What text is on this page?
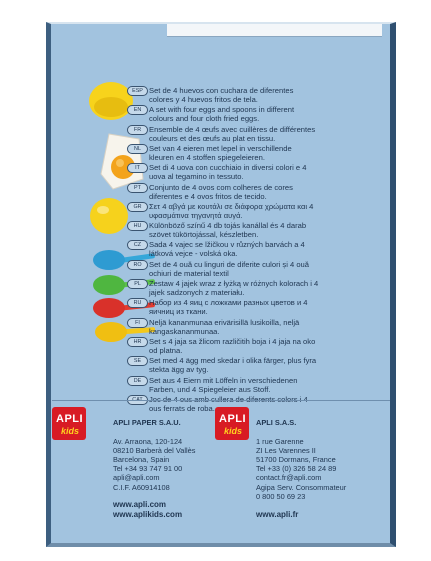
ESP Set de 4 huevos con cuchara de diferentes
colores y 4 huevos fritos de tela.
EN	A set with four eggs and spoons in different
colours and four cloth fried eggs.
FR	Ensemble de 4 œufs avec cuillères de différentes
couleurs et des œufs au plat en tissu.
NL	Set van 4 eieren met lepel in verschillende
kleuren en 4 stoffen spiegeleieren.
IT	Set di 4 uova con cucchiaio in diversi colori e 4
uova al tegamino in tessuto.
PT	Conjunto de 4 ovos com colheres de cores
diferentes e 4 ovos fritos de tecido.
GR Σετ 4 αβγά με κουτάλι σε διάφορα χρώματα και 4
υφασμάτινα τηγανητά αυγά.
HU	Különböző színű 4 db tojás kanállal és 4 darab
szövet tükörtojással, készletben.
CZ	Sada 4 vajec se lžičkou v různých barvách a 4
látková vejce - volská oka.
RO Set de 4 ouă cu linguri de diferite culori și 4 ouă
ochiuri de material textil
PL	Zestaw 4 jajek wraz z łyżką w różnych kolorach i 4
jajek sadzonych z materiału.
RU	Набор из 4 яиц с ложками разных цветов и 4
яичниц из ткани.
FI	Neljä kananmunaa erivärisillä lusikoilla, neljä
kangaskananmunaa.
HR	Set s 4 jaja sa žlicom različitih boja i 4 jaja na oko
od platna.
SE	Set med 4 ägg med skedar i olika färger, plus fyra
stekta ägg av tyg.
DE	Set aus 4 Eiern mit Löffeln in verschiedenen
Farben, und 4 Spiegeleier aus Stoff.

ous ferrats de roba.
APLI
kids

APLI PAPER S.A.U.

Av. Arraona, 120-124
08210 Barberà del Vallès
Barcelona, Spain
Tel +34 93 747 91 00
apli@apli.com
C.I.F. A60914108

APLI
kids

APLI S.A.S.

1 rue Garenne
ZI Les Varennes II
51700 Dormans, France
Tel +33 (0) 326 58 24 89
contact.fr@apli.com
Agipa Serv. Consommateur
0 800 50 69 23

www.apli.com
www.aplikids.com	www.apli.fr
